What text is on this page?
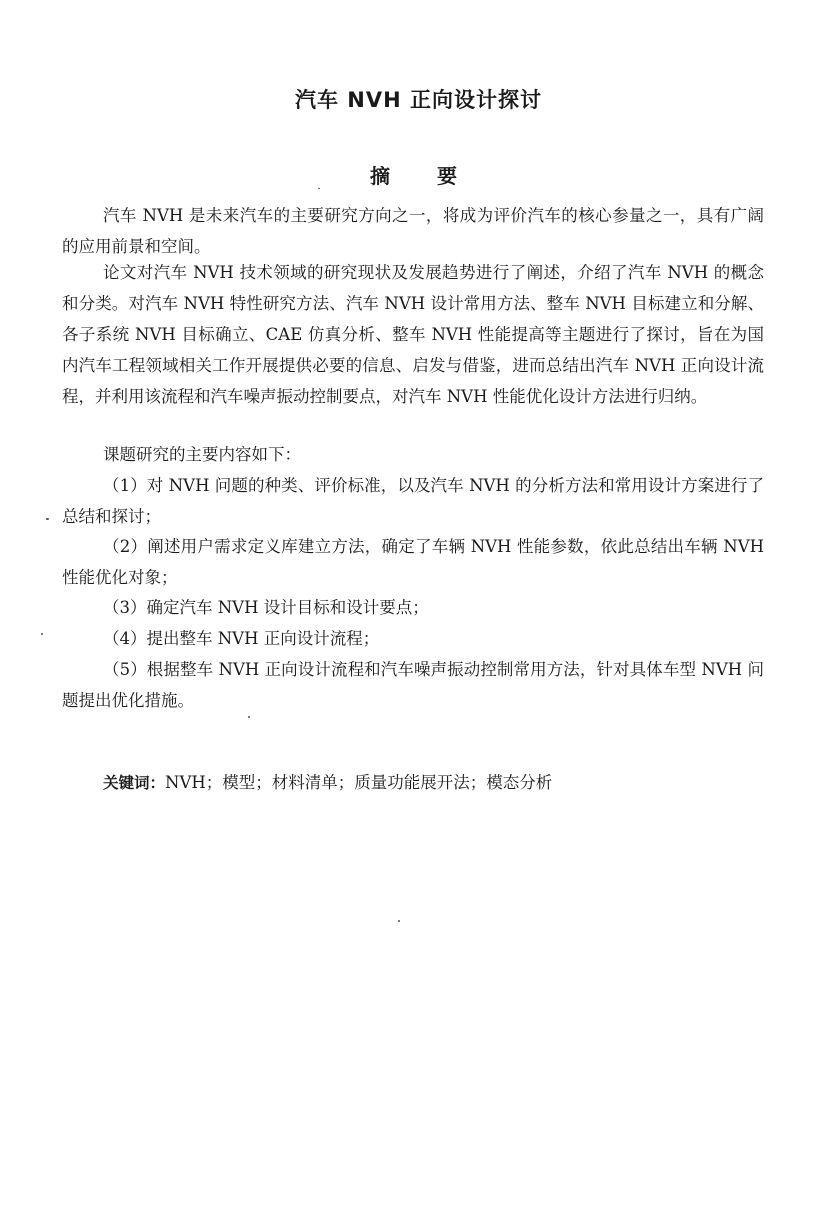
汽车 NVH 正向设计探讨
摘 要

汽车 NVH 是未来汽车的主要研究方向之一，将成为评价汽车的核心参量之一，具有广阔的应用前景和空间。

论文对汽车 NVH 技术领域的研究现状及发展趋势进行了阐述，介绍了汽车 NVH 的概念和分类。对汽车 NVH 特性研究方法、汽车 NVH 设计常用方法、整车 NVH 目标建立和分解、各子系统 NVH 目标确立、CAE 仿真分析、整车 NVH 性能提高等主题进行了探讨，旨在为国内汽车工程领域相关工作开展提供必要的信息、启发与借鉴，进而总结出汽车 NVH 正向设计流程，并利用该流程和汽车噪声振动控制要点，对汽车 NVH 性能优化设计方法进行归纳。

课题研究的主要内容如下：

（1）对 NVH 问题的种类、评价标准，以及汽车 NVH 的分析方法和常用设计方案进行了总结和探讨；

（2）阐述用户需求定义库建立方法，确定了车辆 NVH 性能参数，依此总结出车辆 NVH 性能优化对象；

（3）确定汽车 NVH 设计目标和设计要点；

（4）提出整车 NVH 正向设计流程；

（5）根据整车 NVH 正向设计流程和汽车噪声振动控制常用方法，针对具体车型 NVH 问题提出优化措施。

关键词：NVH；模型；材料清单；质量功能展开法；模态分析
